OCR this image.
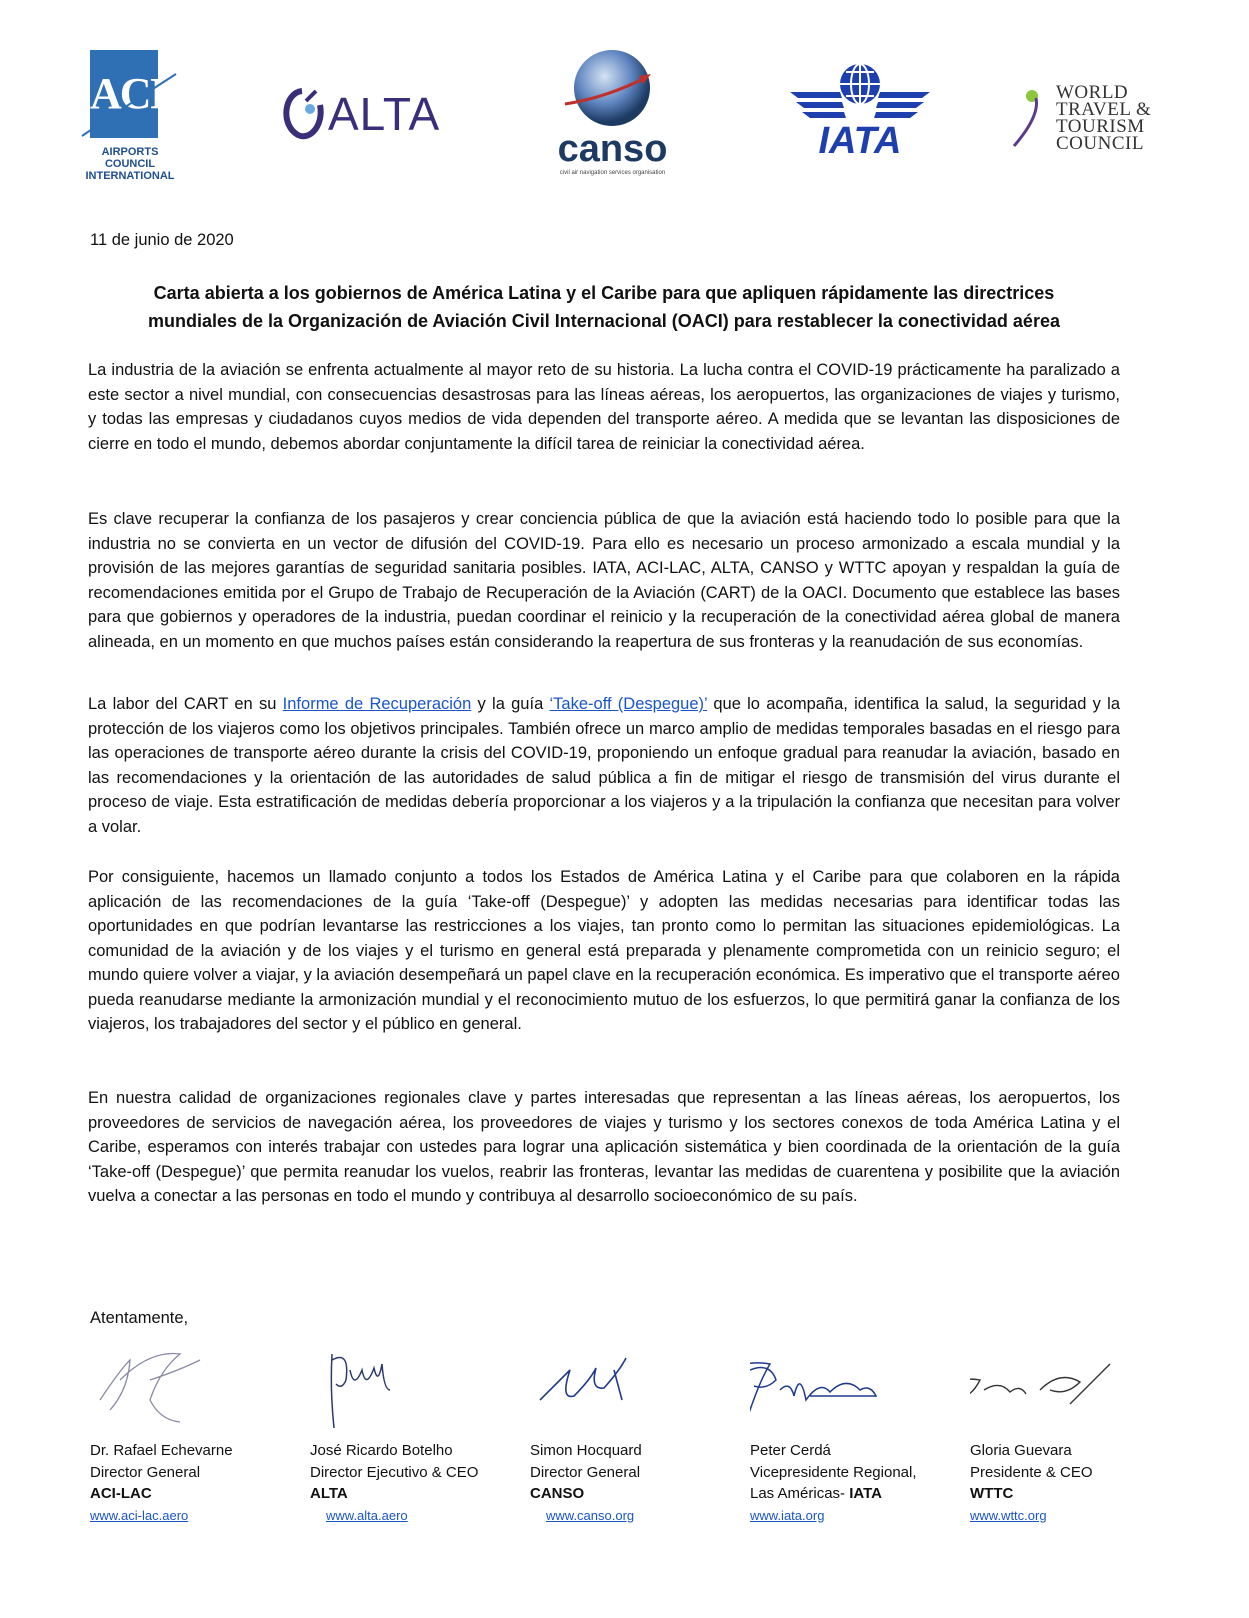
ACI
AIRPORTS COUNCIL INTERNATIONAL
ALTA
canso
civil air navigation services organisation
IATA
WORLD
TRAVEL &
TOURISM
COUNCIL
11 de junio de 2020
Carta abierta a los gobiernos de América Latina y el Caribe para que apliquen rápidamente las directrices
mundiales de la Organización de Aviación Civil Internacional (OACI) para restablecer la conectividad aérea
La industria de la aviación se enfrenta actualmente al mayor reto de su historia. La lucha contra el COVID-19 prácticamente ha paralizado a este sector a nivel mundial, con consecuencias desastrosas para las líneas aéreas, los aeropuertos, las organizaciones de viajes y turismo, y todas las empresas y ciudadanos cuyos medios de vida dependen del transporte aéreo. A medida que se levantan las disposiciones de cierre en todo el mundo, debemos abordar conjuntamente la difícil tarea de reiniciar la conectividad aérea.
Es clave recuperar la confianza de los pasajeros y crear conciencia pública de que la aviación está haciendo todo lo posible para que la industria no se convierta en un vector de difusión del COVID-19. Para ello es necesario un proceso armonizado a escala mundial y la provisión de las mejores garantías de seguridad sanitaria posibles. IATA, ACI-LAC, ALTA, CANSO y WTTC apoyan y respaldan la guía de recomendaciones emitida por el Grupo de Trabajo de Recuperación de la Aviación (CART) de la OACI. Documento que establece las bases para que gobiernos y operadores de la industria, puedan coordinar el reinicio y la recuperación de la conectividad aérea global de manera alineada, en un momento en que muchos países están considerando la reapertura de sus fronteras y la reanudación de sus economías.
La labor del CART en su Informe de Recuperación y la guía ‘Take-off (Despegue)’ que lo acompaña, identifica la salud, la seguridad y la protección de los viajeros como los objetivos principales. También ofrece un marco amplio de medidas temporales basadas en el riesgo para las operaciones de transporte aéreo durante la crisis del COVID-19, proponiendo un enfoque gradual para reanudar la aviación, basado en las recomendaciones y la orientación de las autoridades de salud pública a fin de mitigar el riesgo de transmisión del virus durante el proceso de viaje. Esta estratificación de medidas debería proporcionar a los viajeros y a la tripulación la confianza que necesitan para volver a volar.
Por consiguiente, hacemos un llamado conjunto a todos los Estados de América Latina y el Caribe para que colaboren en la rápida aplicación de las recomendaciones de la guía ‘Take-off (Despegue)’ y adopten las medidas necesarias para identificar todas las oportunidades en que podrían levantarse las restricciones a los viajes, tan pronto como lo permitan las situaciones epidemiológicas. La comunidad de la aviación y de los viajes y el turismo en general está preparada y plenamente comprometida con un reinicio seguro; el mundo quiere volver a viajar, y la aviación desempeñará un papel clave en la recuperación económica. Es imperativo que el transporte aéreo pueda reanudarse mediante la armonización mundial y el reconocimiento mutuo de los esfuerzos, lo que permitirá ganar la confianza de los viajeros, los trabajadores del sector y el público en general.
En nuestra calidad de organizaciones regionales clave y partes interesadas que representan a las líneas aéreas, los aeropuertos, los proveedores de servicios de navegación aérea, los proveedores de viajes y turismo y los sectores conexos de toda América Latina y el Caribe, esperamos con interés trabajar con ustedes para lograr una aplicación sistemática y bien coordinada de la orientación de la guía ‘Take-off (Despegue)’ que permita reanudar los vuelos, reabrir las fronteras, levantar las medidas de cuarentena y posibilite que la aviación vuelva a conectar a las personas en todo el mundo y contribuya al desarrollo socioeconómico de su país.
Atentamente,
Dr. Rafael Echevarne
Director General
ACI-LAC
www.aci-lac.aero
José Ricardo Botelho
Director Ejecutivo & CEO
ALTA
www.alta.aero
Simon Hocquard
Director General
CANSO
www.canso.org
Peter Cerdá
Vicepresidente Regional,
Las Américas- IATA
www.iata.org
Gloria Guevara
Presidente & CEO
WTTC
www.wttc.org
